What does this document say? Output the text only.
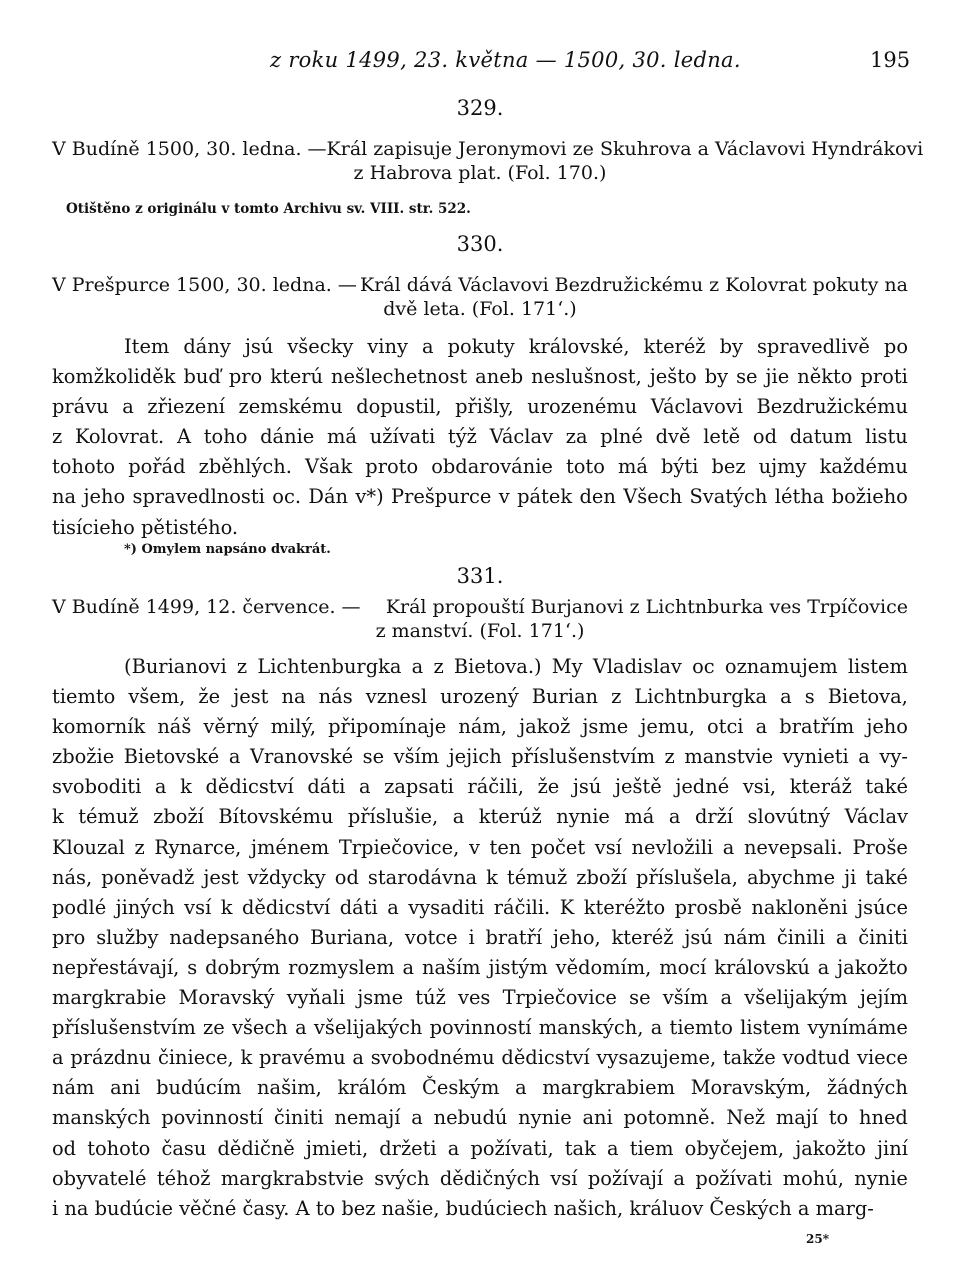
z roku 1499, 23. května — 1500, 30. ledna.	195
329.
V Budíně 1500, 30. ledna. — Král zapisuje Jeronymovi ze Skuhrova a Václavovi Hyndrákovi
z Habrova plat. (Fol. 170.)
Otištěno z originálu v tomto Archivu sv. VIII. str. 522.
330.
V Prešpurce 1500, 30. ledna. — Král dává Václavovi Bezdružickému z Kolovrat pokuty na
dvě leta. (Fol. 171‘.)
Item dány jsú všecky viny a pokuty královské, kteréž by spravedlivě po
komžkoliděk buď pro kterú nešlechetnost aneb neslušnost, ješto by se jie někto proti
právu a zřiezení zemskému dopustil, přišly, urozenému Václavovi Bezdružickému
z Kolovrat. A toho dánie má užívati týž Václav za plné dvě letě od datum listu
tohoto pořád zběhlých. Však proto obdarovánie toto má býti bez ujmy každému
na jeho spravedlnosti oc. Dán v*) Prešpurce v pátek den Všech Svatých létha božieho
tisícieho pětistého.
*) Omylem napsáno dvakrát.
331.
V Budíně 1499, 12. července. — Král propouští Burjanovi z Lichtnburka ves Trpíčovice
z manství. (Fol. 171‘.)
(Burianovi z Lichtenburgka a z Bietova.) My Vladislav oc oznamujem listem
tiemto všem, že jest na nás vznesl urozený Burian z Lichtnburgka a s Bietova,
komorník náš věrný milý, připomínaje nám, jakož jsme jemu, otci a bratřím jeho
zbožie Bietovské a Vranovské se vším jejich příslušenstvím z manstvie vynieti a vy-
svoboditi a k dědicství dáti a zapsati ráčili, že jsú ještě jedné vsi, kteráž také
k témuž zboží Bítovskému příslušie, a kterúž nynie má a drží slovútný Václav
Klouzal z Rynarce, jménem Trpiečovice, v ten počet vsí nevložili a nevepsali. Proše
nás, poněvadž jest vždycky od starodávna k témuž zboží příslušela, abychme ji také
podlé jiných vsí k dědicství dáti a vysaditi ráčili. K kteréžto prosbě nakloněni jsúce
pro služby nadepsaného Buriana, votce i bratří jeho, kteréž jsú nám činili a činiti
nepřestávají, s dobrým rozmyslem a naším jistým vědomím, mocí královskú a jakožto
margkrabie Moravský vyňali jsme túž ves Trpiečovice se vším a všelijakým jejím
příslušenstvím ze všech a všelijakých povinností manských, a tiemto listem vynímáme
a prázdnu činiece, k pravému a svobodnému dědicství vysazujeme, takže vodtud viece
nám ani budúcím našim, králóm Českým a margkrabiem Moravským, žádných
manských povinností činiti nemají a nebudú nynie ani potomně. Než mají to hned
od tohoto času dědičně jmieti, držeti a požívati, tak a tiem obyčejem, jakožto jiní
obyvatelé téhož margkrabstvie svých dědičných vsí požívají a požívati mohú, nynie
i na budúcie věčné časy. A to bez našie, budúciech našich, králuov Českých a marg-
25*
